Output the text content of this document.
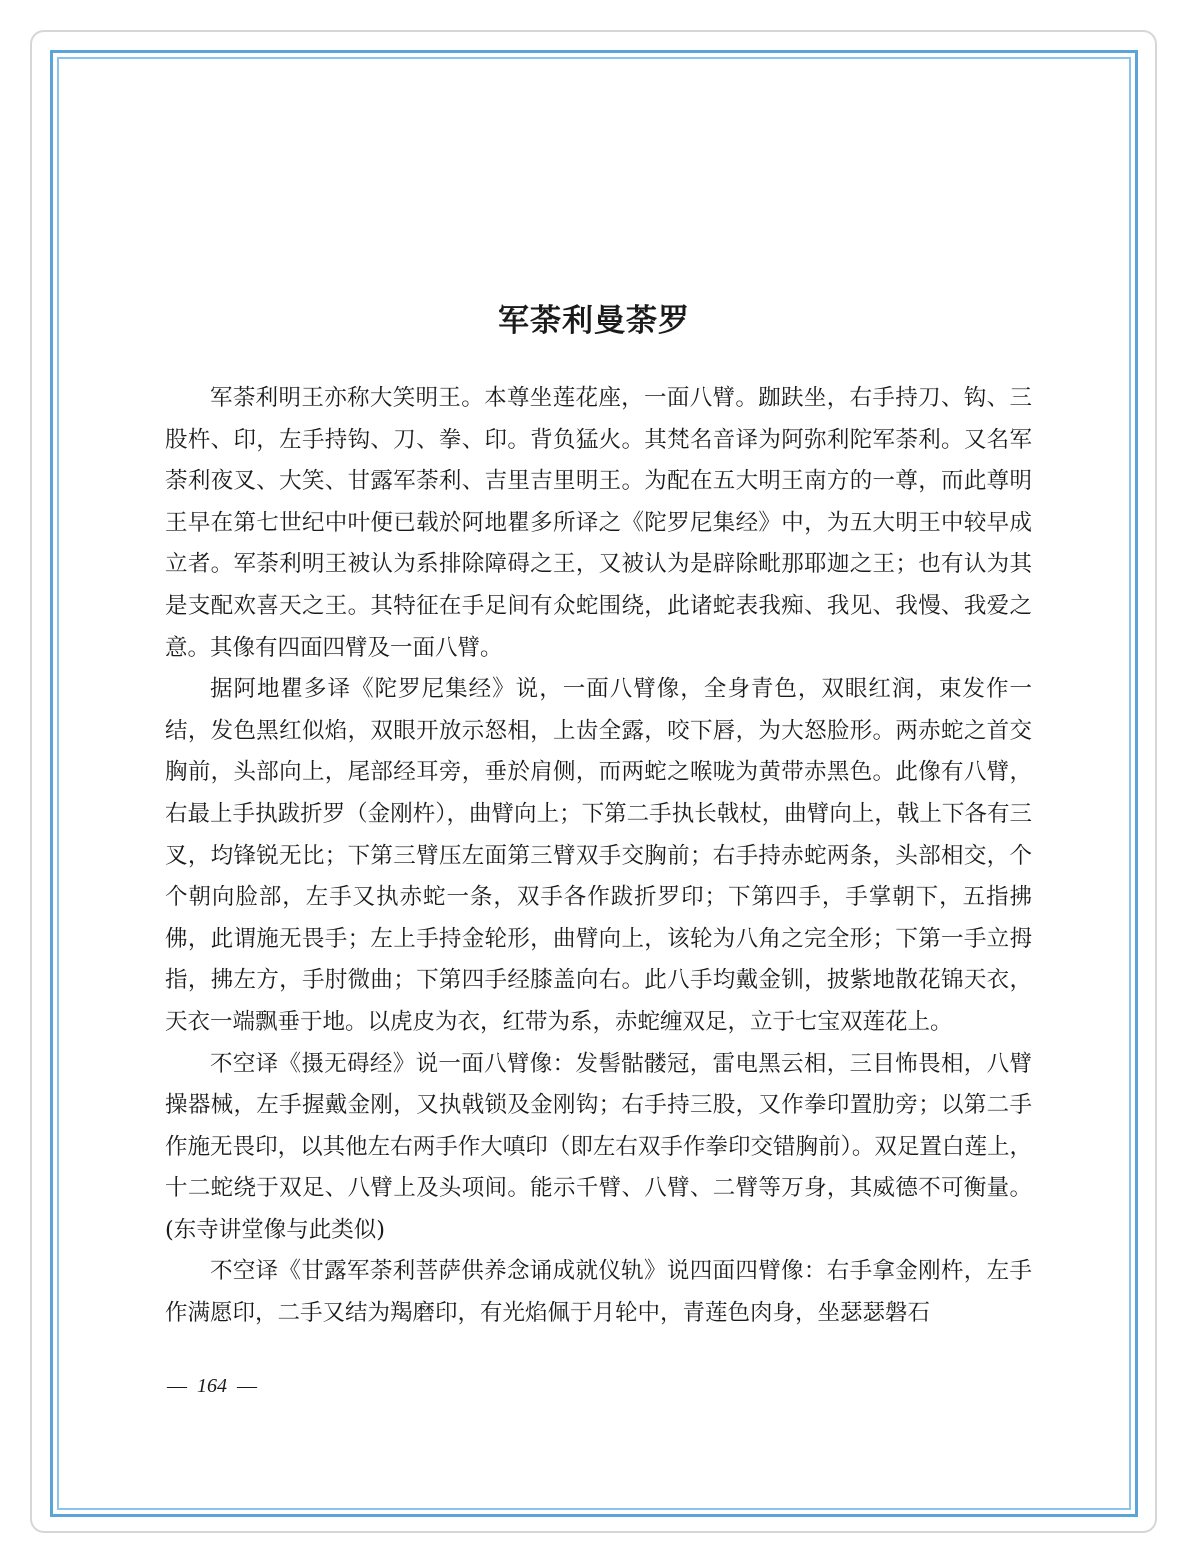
军荼利曼荼罗

军荼利明王亦称大笑明王。本尊坐莲花座，一面八臂。跏趺坐，右手持刀、钩、三股杵、印，左手持钩、刀、拳、印。背负猛火。其梵名音译为阿弥利陀军荼利。又名军荼利夜叉、大笑、甘露军荼利、吉里吉里明王。为配在五大明王南方的一尊，而此尊明王早在第七世纪中叶便已载於阿地瞿多所译之《陀罗尼集经》中，为五大明王中较早成立者。军荼利明王被认为系排除障碍之王，又被认为是辟除毗那耶迦之王；也有认为其是支配欢喜天之王。其特征在手足间有众蛇围绕，此诸蛇表我痴、我见、我慢、我爱之意。其像有四面四臂及一面八臂。

据阿地瞿多译《陀罗尼集经》说，一面八臂像，全身青色，双眼红润，束发作一结，发色黑红似焰，双眼开放示怒相，上齿全露，咬下唇，为大怒脸形。两赤蛇之首交胸前，头部向上，尾部经耳旁，垂於肩侧，而两蛇之喉咙为黄带赤黑色。此像有八臂，右最上手执跋折罗（金刚杵），曲臂向上；下第二手执长戟杖，曲臂向上，戟上下各有三叉，均锋锐无比；下第三臂压左面第三臂双手交胸前；右手持赤蛇两条，头部相交，个个朝向脸部，左手又执赤蛇一条，双手各作跋折罗印；下第四手，手掌朝下，五指拂佛，此谓施无畏手；左上手持金轮形，曲臂向上，该轮为八角之完全形；下第一手立拇指，拂左方，手肘微曲；下第四手经膝盖向右。此八手均戴金钏，披紫地散花锦天衣，天衣一端飘垂于地。以虎皮为衣，红带为系，赤蛇缠双足，立于七宝双莲花上。

不空译《摄无碍经》说一面八臂像：发髻骷髅冠，雷电黑云相，三目怖畏相，八臂操器械，左手握戴金刚，又执戟锁及金刚钩；右手持三股，又作拳印置肋旁；以第二手作施无畏印，以其他左右两手作大嗔印（即左右双手作拳印交错胸前）。双足置白莲上，十二蛇绕于双足、八臂上及头项间。能示千臂、八臂、二臂等万身，其威德不可衡量。(东寺讲堂像与此类似)

不空译《甘露军荼利菩萨供养念诵成就仪轨》说四面四臂像：右手拿金刚杵，左手作满愿印，二手又结为羯磨印，有光焰佩于月轮中，青莲色肉身，坐瑟瑟磐石

— 164 —
